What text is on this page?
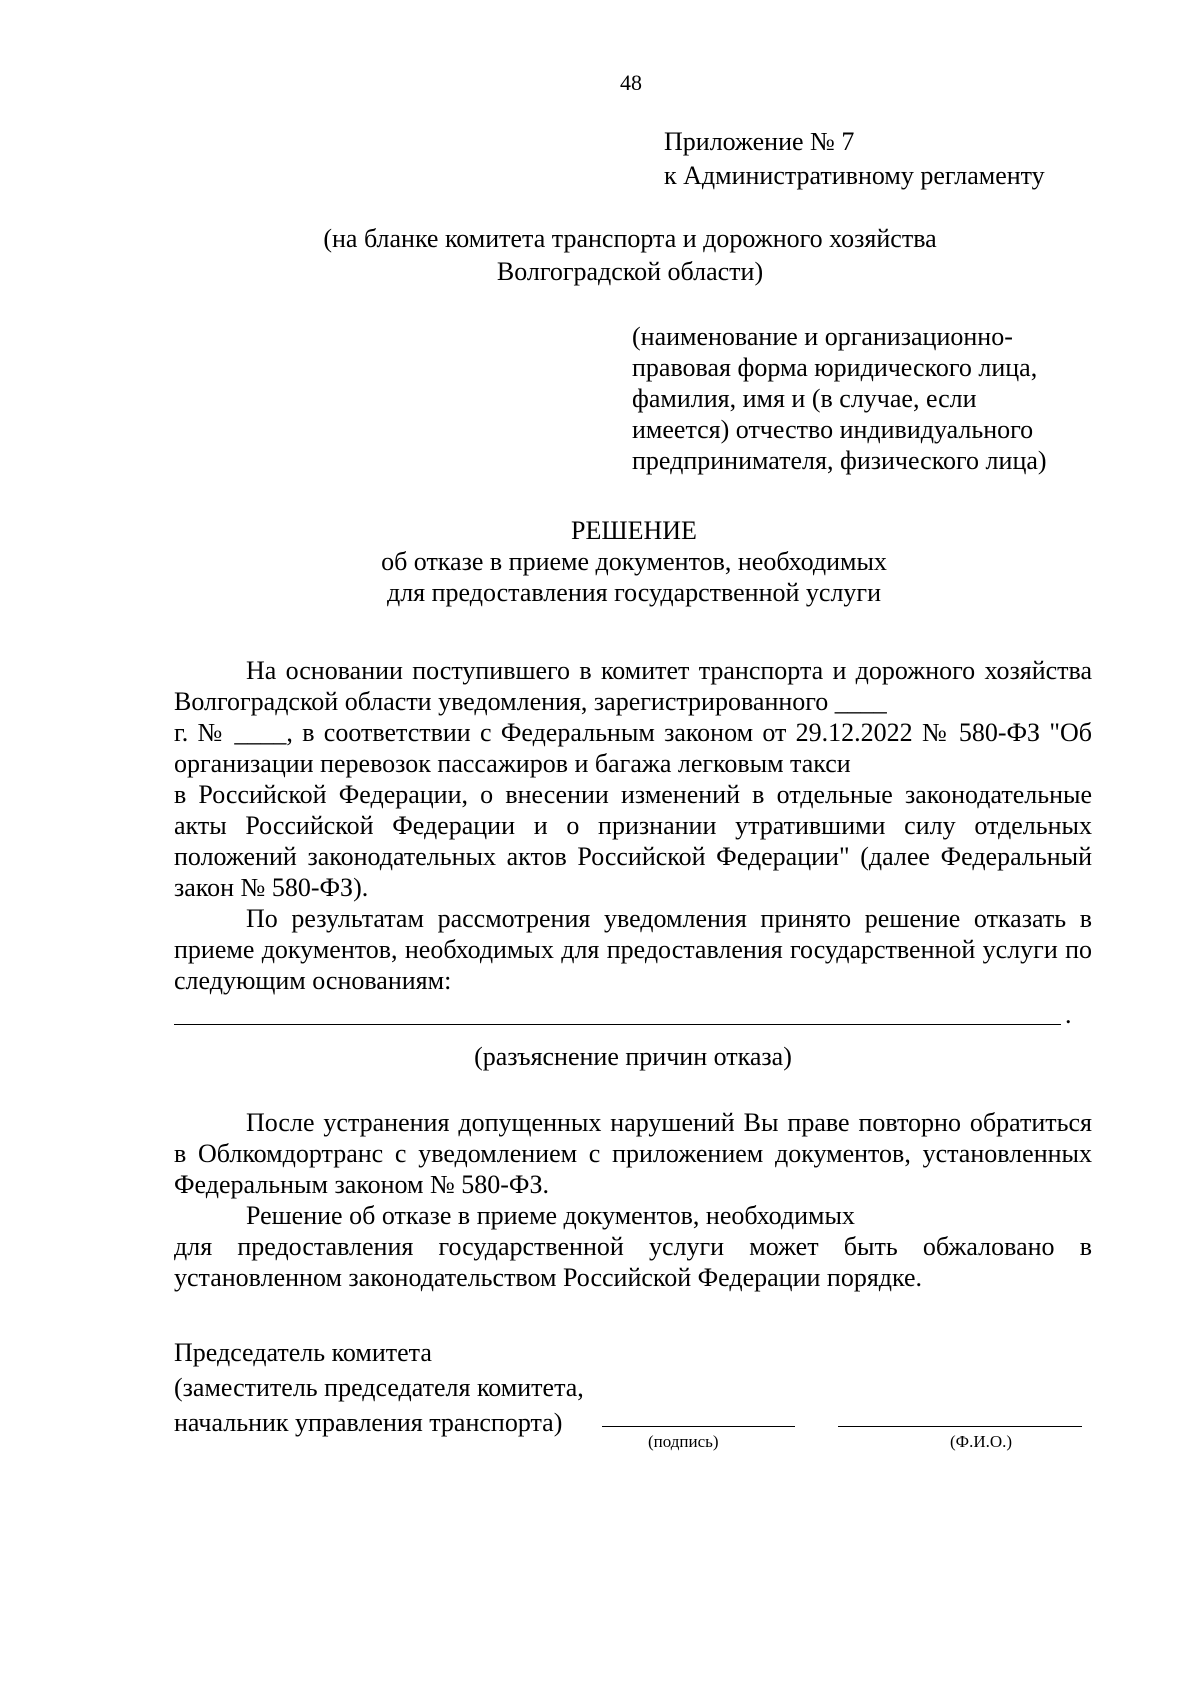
48
Приложение № 7
к Административному регламенту
(на бланке комитета транспорта и дорожного хозяйства
Волгоградской области)
(наименование и организационно-
правовая форма юридического лица,
фамилия, имя и (в случае, если
имеется) отчество индивидуального
предпринимателя, физического лица)
РЕШЕНИЕ
об отказе в приеме документов, необходимых
для предоставления государственной услуги

На основании поступившего в комитет транспорта и дорожного хозяйства Волгоградской области уведомления, зарегистрированного ____

г. № ____, в соответствии с Федеральным законом от 29.12.2022 № 580-ФЗ "Об организации перевозок пассажиров и багажа легковым такси

в Российской Федерации, о внесении изменений в отдельные законодательные акты Российской Федерации и о признании утратившими силу отдельных положений законодательных актов Российской Федерации" (далее Федеральный закон № 580-ФЗ).

По результатам рассмотрения уведомления принято решение отказать в приеме документов, необходимых для предоставления государственной услуги по следующим основаниям:

.
(разъяснение причин отказа)

После устранения допущенных нарушений Вы праве повторно обратиться в Облкомдортранс с уведомлением с приложением документов, установленных Федеральным законом № 580-ФЗ.

Решение об отказе в приеме документов, необходимых

для предоставления государственной услуги может быть обжаловано в установленном законодательством Российской Федерации порядке.

Председатель комитета
(заместитель председателя комитета,
начальник управления транспорта)
(подпись)	(Ф.И.О.)
